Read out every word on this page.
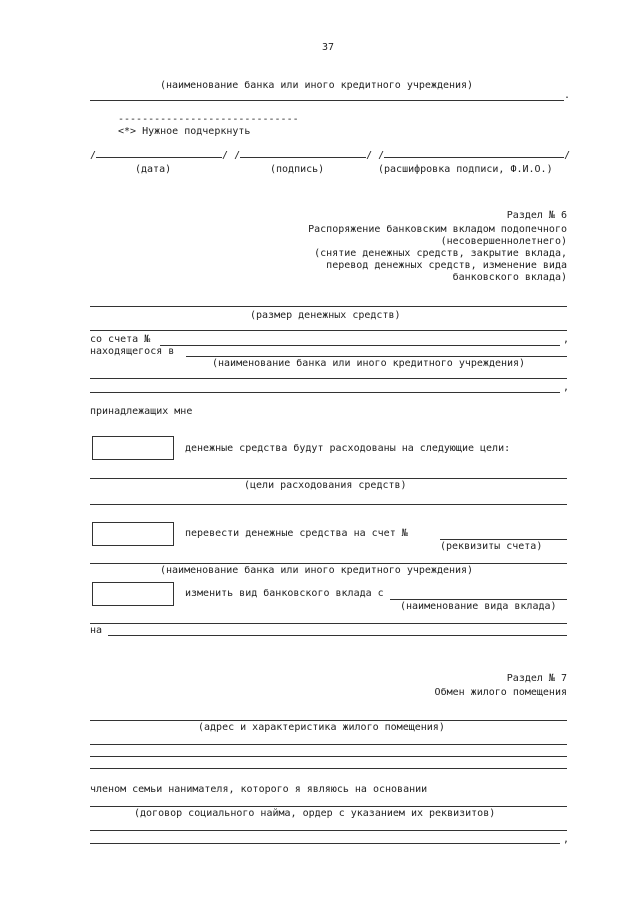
37
(наименование банка или иного кредитного учреждения)
.
------------------------------
<*> Нужное подчеркнуть
/	/ /	/ /	/
(дата)	(подпись)	(расшифровка подписи, Ф.И.О.)
Раздел № 6
Распоряжение банковским вкладом подопечного
(несовершеннолетнего)
(снятие денежных средств, закрытие вклада,
перевод денежных средств, изменение вида
банковского вклада)
(размер денежных средств)
со счета №	,
находящегося в
(наименование банка или иного кредитного учреждения)
,
принадлежащих мне
денежные средства будут расходованы на следующие цели:
(цели расходования средств)
перевести денежные средства на счет №
(реквизиты счета)
(наименование банка или иного кредитного учреждения)
изменить вид банковского вклада с
(наименование вида вклада)
на
Раздел № 7
Обмен жилого помещения
(адрес и характеристика жилого помещения)
членом семьи нанимателя, которого я являюсь на основании
(договор социального найма, ордер с указанием их реквизитов)
,
